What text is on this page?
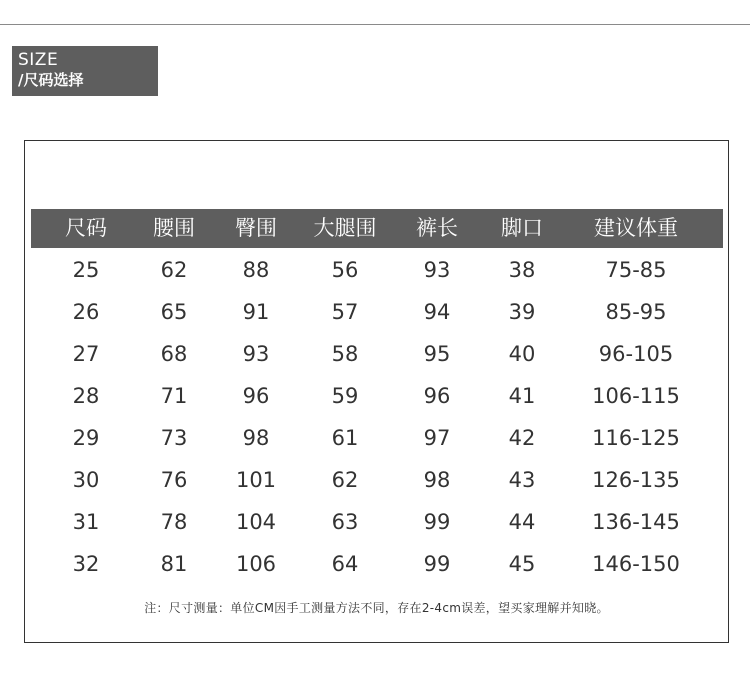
SIZE
/尺码选择
尺码	腰围	臀围	大腿围	裤长	脚口	建议体重
25	62	88	56	93	38	75-85
26	65	91	57	94	39	85-95
27	68	93	58	95	40	96-105
28	71	96	59	96	41	106-115
29	73	98	61	97	42	116-125
30	76	101	62	98	43	126-135
31	78	104	63	99	44	136-145
32	81	106	64	99	45	146-150
注：尺寸测量：单位CM因手工测量方法不同，存在2-4cm误差，望买家理解并知晓。
